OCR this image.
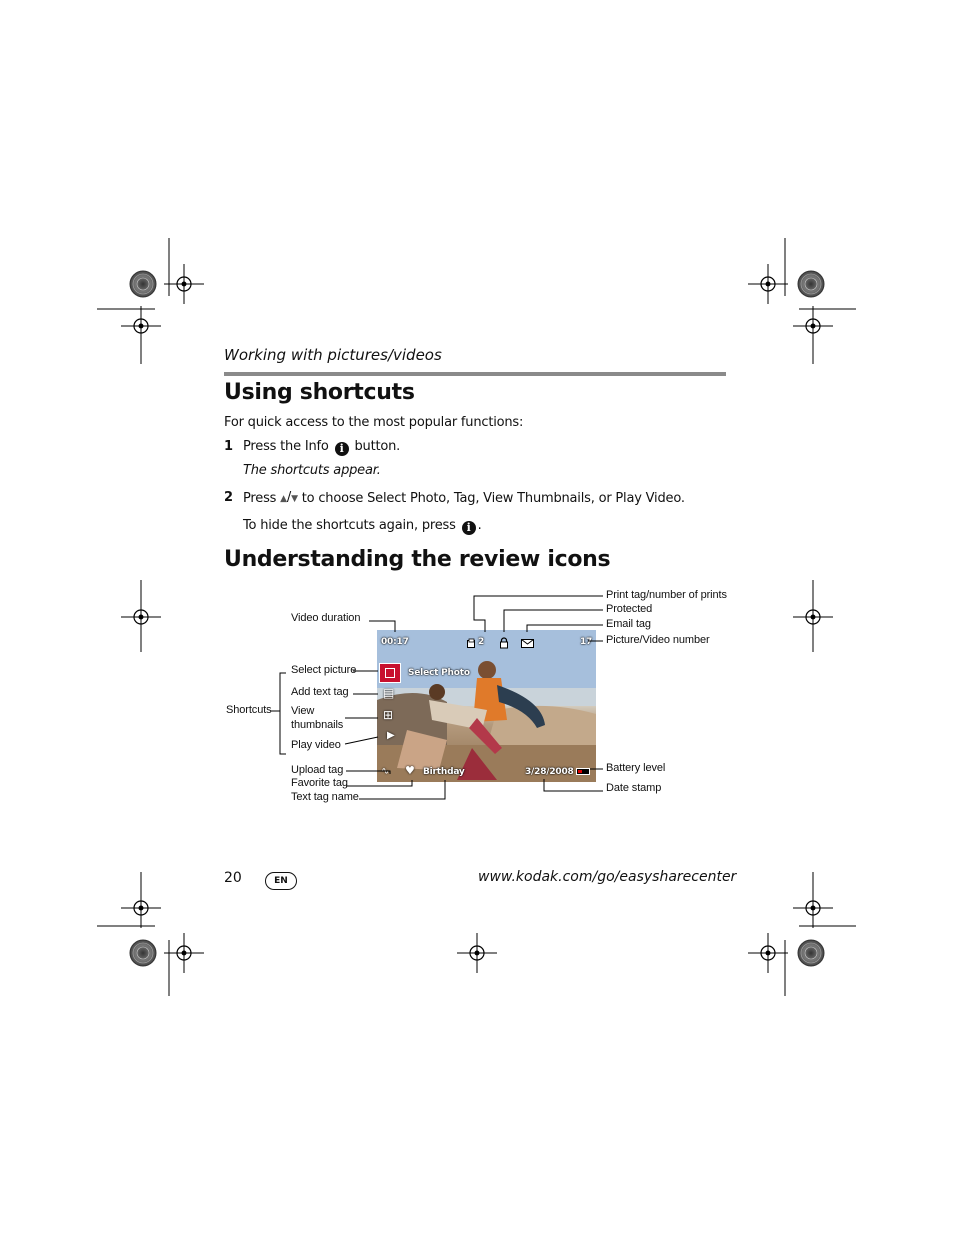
Working with pictures/videos
Using shortcuts
For quick access to the most popular functions:
1 Press the Info i button.
The shortcuts appear.
2 Press ▲/▼ to choose Select Photo, Tag, View Thumbnails, or Play Video.
To hide the shortcuts again, press i .
Understanding the review icons
00:17	2	17
Select Photo
▤
⊞
▶
∿ ♥ Birthday	3/28/2008
Video duration
Print tag/number of prints
Protected
Email tag
Picture/Video number
Select picture
Add text tag
View
thumbnails
Play video
Shortcuts
Upload tag
Favorite tag
Text tag name
Battery level
Date stamp
20	EN	www.kodak.com/go/easysharecenter
